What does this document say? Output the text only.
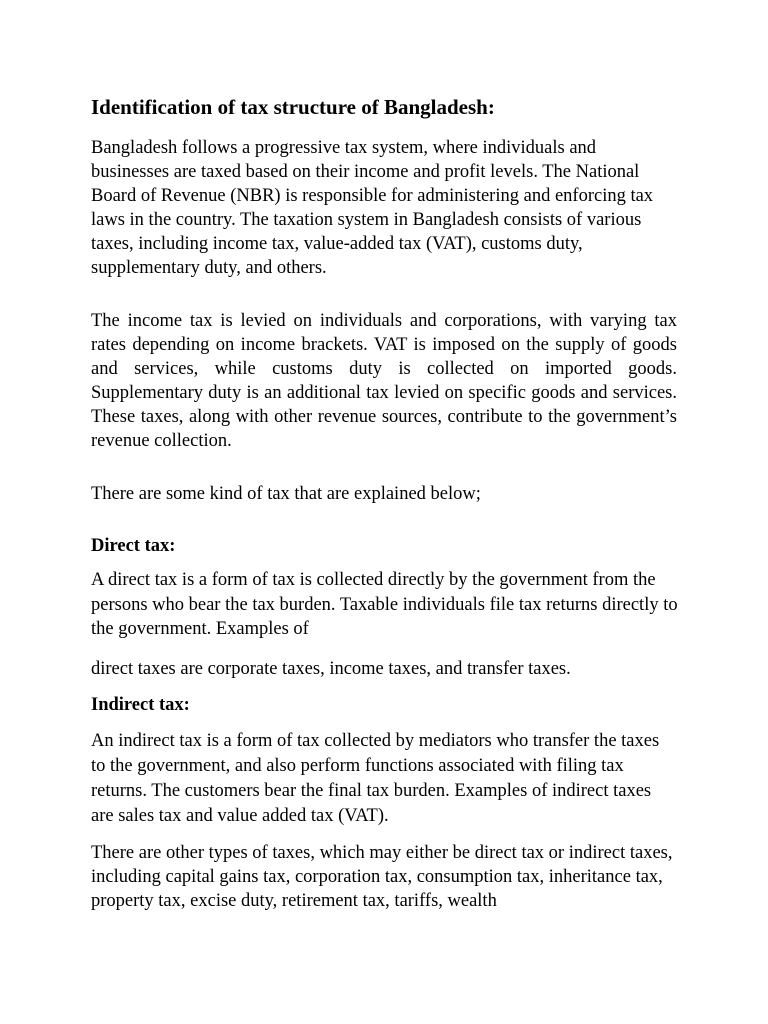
Identification of tax structure of Bangladesh:

Bangladesh follows a progressive tax system, where individuals and businesses are taxed based on their income and profit levels. The National Board of Revenue (NBR) is responsible for administering and enforcing tax laws in the country. The taxation system in Bangladesh consists of various taxes, including income tax, value-added tax (VAT), customs duty, supplementary duty, and others.

The income tax is levied on individuals and corporations, with varying tax rates depending on income brackets. VAT is imposed on the supply of goods and services, while customs duty is collected on imported goods. Supplementary duty is an additional tax levied on specific goods and services. These taxes, along with other revenue sources, contribute to the government’s revenue collection.

There are some kind of tax that are explained below;

Direct tax:

A direct tax is a form of tax is collected directly by the government from the persons who bear the tax burden. Taxable individuals file tax returns directly to the government. Examples of

direct taxes are corporate taxes, income taxes, and transfer taxes.

Indirect tax:

An indirect tax is a form of tax collected by mediators who transfer the taxes to the government, and also perform functions associated with filing tax returns. The customers bear the final tax burden. Examples of indirect taxes are sales tax and value added tax (VAT).

There are other types of taxes, which may either be direct tax or indirect taxes, including capital gains tax, corporation tax, consumption tax, inheritance tax, property tax, excise duty, retirement tax, tariffs, wealth
